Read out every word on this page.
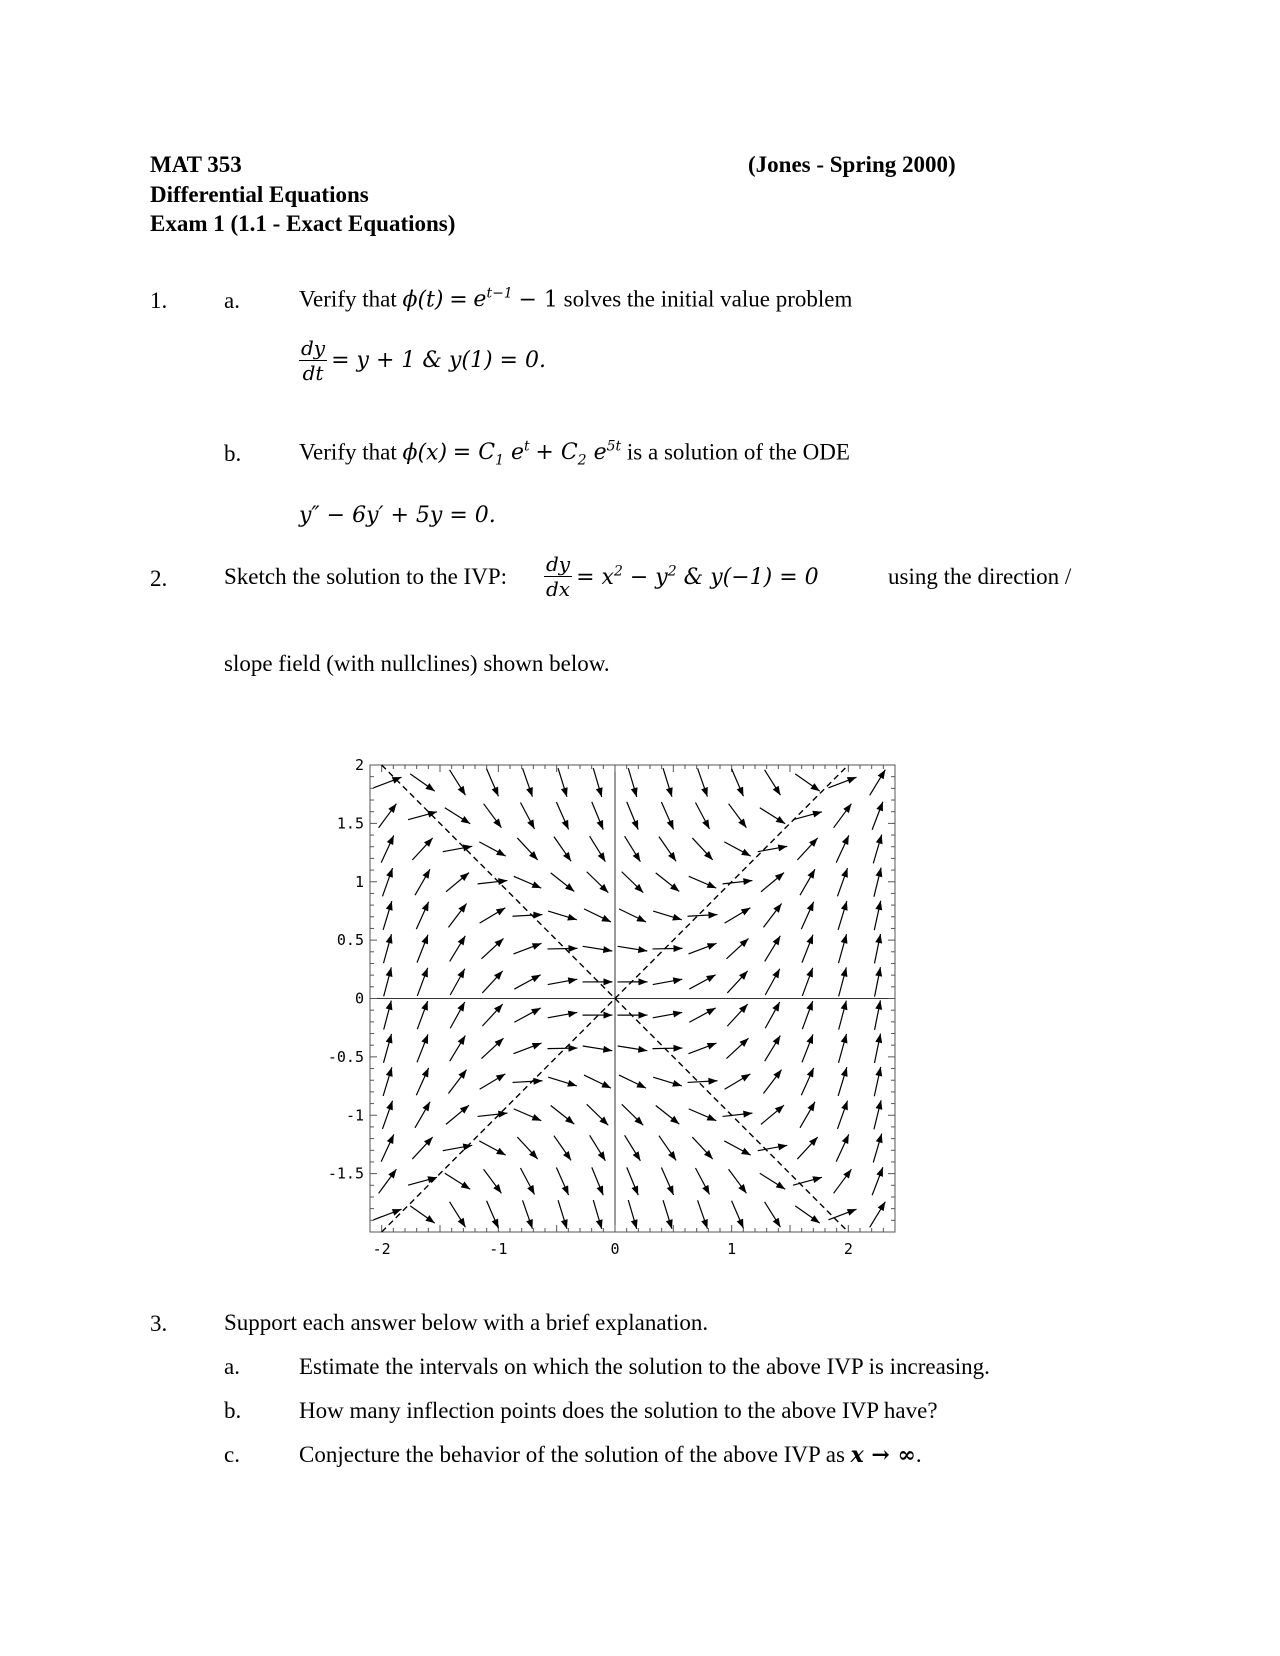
MAT 353	(Jones - Spring 2000)
Differential Equations
Exam 1 (1.1 - Exact Equations)
1. a.	Verify that $\phi(t) = e^{t-1} - 1$ solves the initial value problem
$\frac{dy}{dt} = y + 1$ & y(1) = 0.
b.	Verify that $\phi(x) = C_1$ $e^t + C_2$ $e^{5t}$ is a solution of the ODE
y″ − 6y′ + 5y = 0.
2. Sketch the solution to the IVP: $\frac{dy}{dx} = x^2 - y^2$ & y(−1) = 0	using the direction /
slope field (with nullclines) shown below.
-2	-1	0	1	2
2
1.5
1
0.5
0
-0.5
-1
-1.5
3. Support each answer below with a brief explanation.
a.	Estimate the intervals on which the solution to the above IVP is increasing.
b.	How many inflection points does the solution to the above IVP have?
c.	Conjecture the behavior of the solution of the above IVP as x → ∞.
